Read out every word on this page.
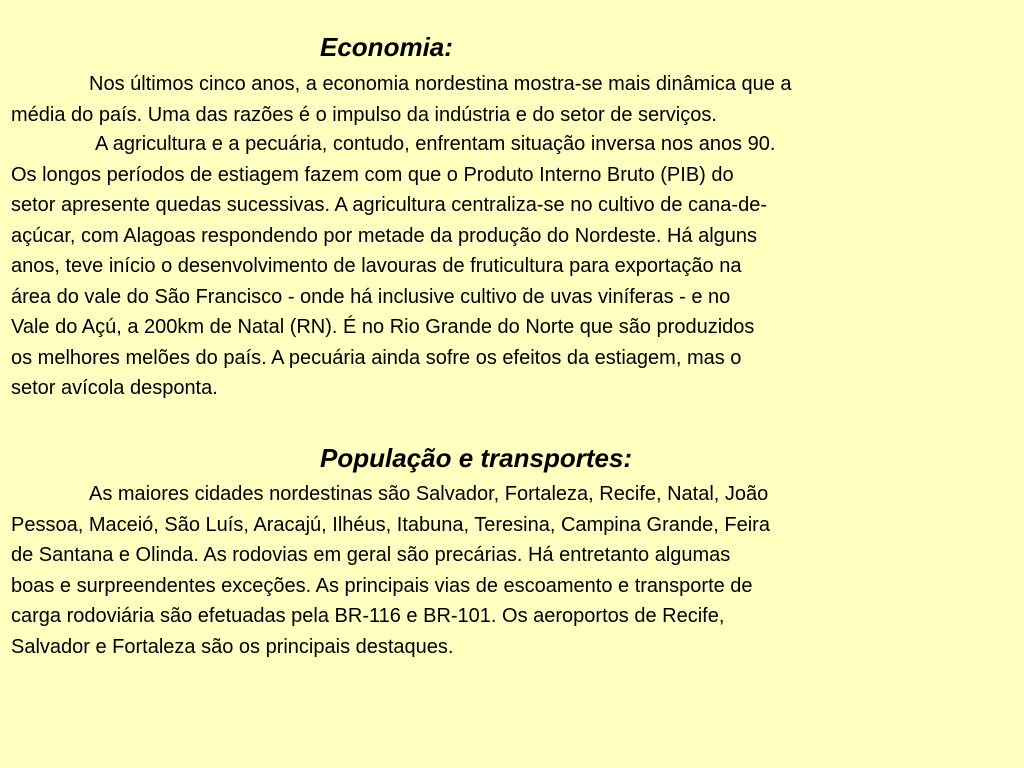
Economia:
Nos últimos cinco anos, a economia nordestina mostra-se mais dinâmica que a
média do país. Uma das razões é o impulso da indústria e do setor de serviços.
A agricultura e a pecuária, contudo, enfrentam situação inversa nos anos 90.
Os longos períodos de estiagem fazem com que o Produto Interno Bruto (PIB) do
setor apresente quedas sucessivas. A agricultura centraliza-se no cultivo de cana-de-
açúcar, com Alagoas respondendo por metade da produção do Nordeste. Há alguns
anos, teve início o desenvolvimento de lavouras de fruticultura para exportação na
área do vale do São Francisco - onde há inclusive cultivo de uvas viníferas - e no
Vale do Açú, a 200km de Natal (RN). É no Rio Grande do Norte que são produzidos
os melhores melões do país. A pecuária ainda sofre os efeitos da estiagem, mas o
setor avícola desponta.
População e transportes:
As maiores cidades nordestinas são Salvador, Fortaleza, Recife, Natal, João
Pessoa, Maceió, São Luís, Aracajú, Ilhéus, Itabuna, Teresina, Campina Grande, Feira
de Santana e Olinda. As rodovias em geral são precárias. Há entretanto algumas
boas e surpreendentes exceções. As principais vias de escoamento e transporte de
carga rodoviária são efetuadas pela BR-116 e BR-101. Os aeroportos de Recife,
Salvador e Fortaleza são os principais destaques.
